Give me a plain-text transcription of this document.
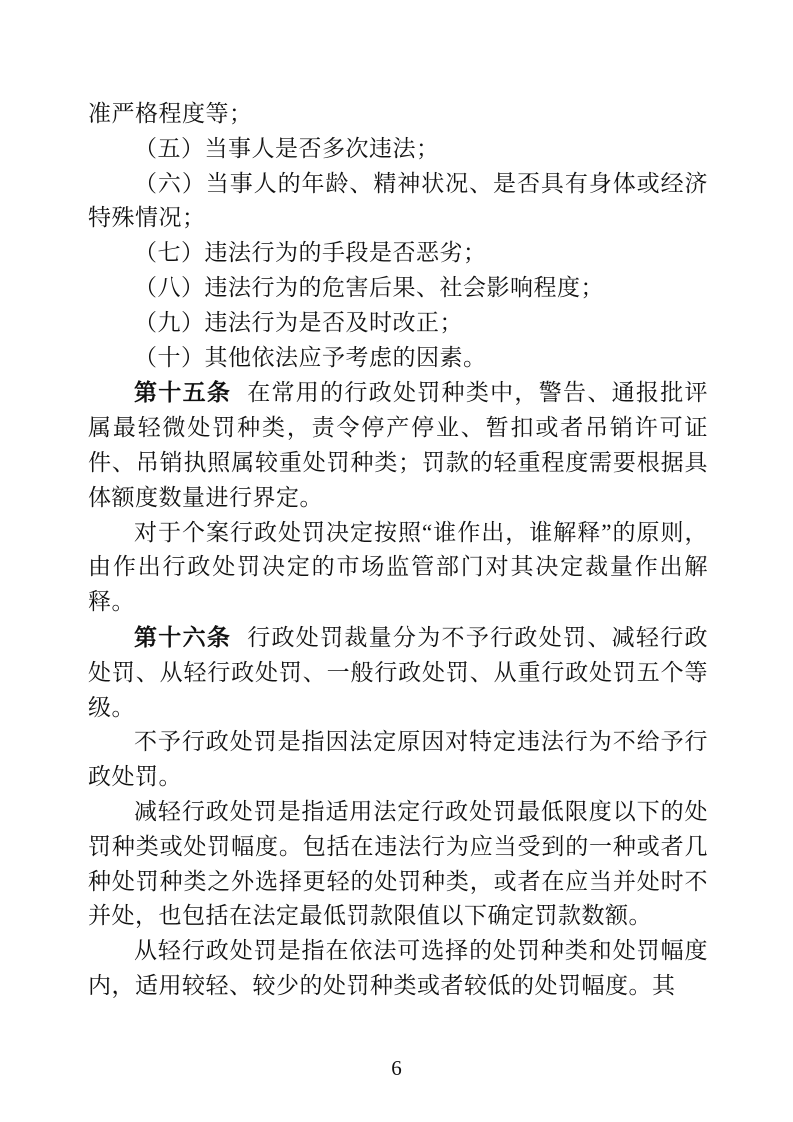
准严格程度等；

（五）当事人是否多次违法；

（六）当事人的年龄、精神状况、是否具有身体或经济特殊情况；

（七）违法行为的手段是否恶劣；

（八）违法行为的危害后果、社会影响程度；

（九）违法行为是否及时改正；

（十）其他依法应予考虑的因素。

第十五条 在常用的行政处罚种类中，警告、通报批评属最轻微处罚种类，责令停产停业、暂扣或者吊销许可证件、吊销执照属较重处罚种类；罚款的轻重程度需要根据具体额度数量进行界定。

对于个案行政处罚决定按照“谁作出，谁解释”的原则，由作出行政处罚决定的市场监管部门对其决定裁量作出解释。

第十六条 行政处罚裁量分为不予行政处罚、减轻行政处罚、从轻行政处罚、一般行政处罚、从重行政处罚五个等级。

不予行政处罚是指因法定原因对特定违法行为不给予行政处罚。

减轻行政处罚是指适用法定行政处罚最低限度以下的处罚种类或处罚幅度。包括在违法行为应当受到的一种或者几种处罚种类之外选择更轻的处罚种类，或者在应当并处时不并处，也包括在法定最低罚款限值以下确定罚款数额。

从轻行政处罚是指在依法可选择的处罚种类和处罚幅度内，适用较轻、较少的处罚种类或者较低的处罚幅度。其

6
